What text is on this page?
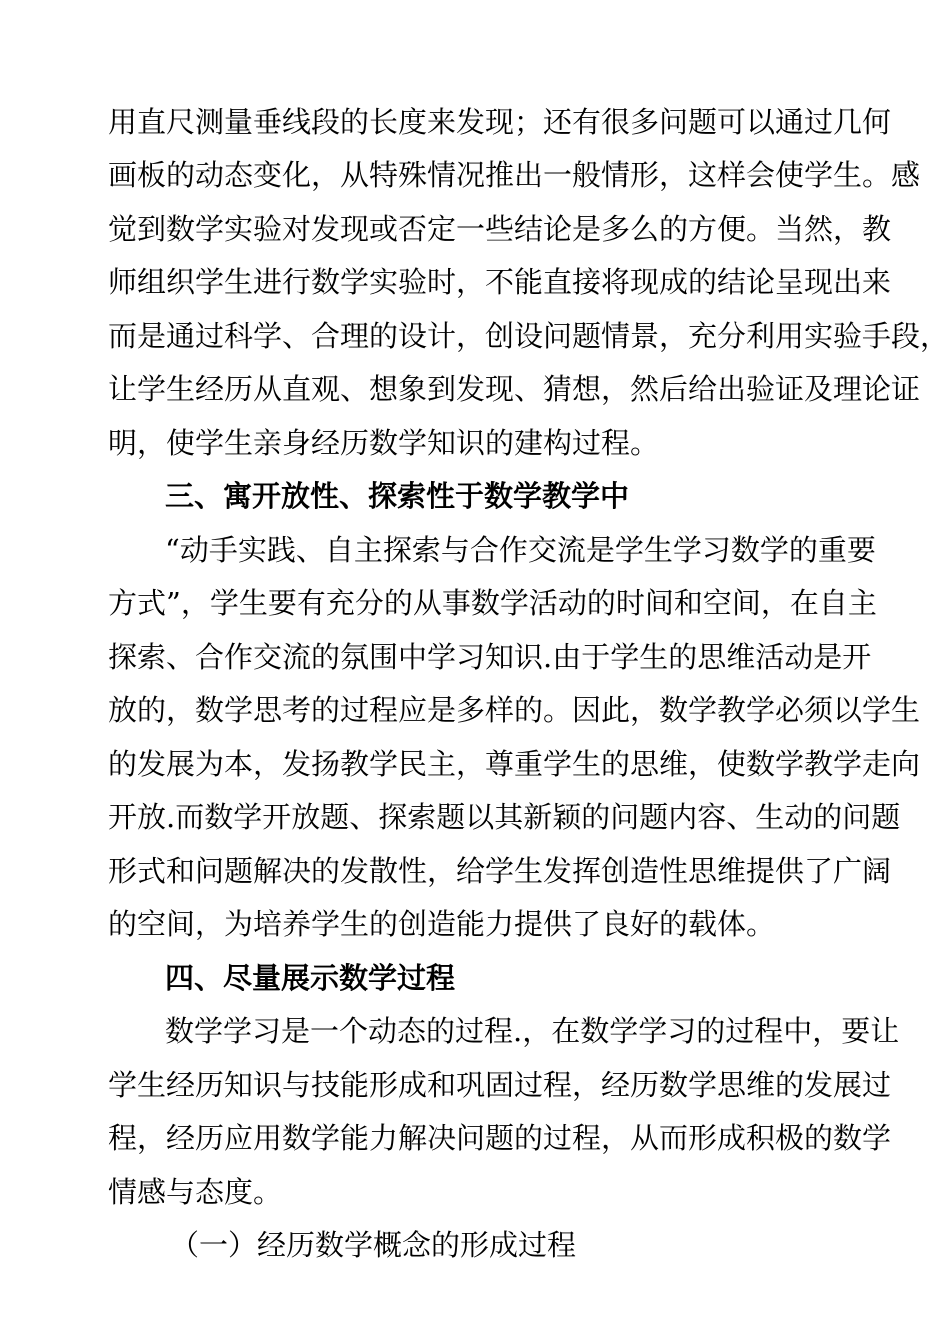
用直尺测量垂线段的长度来发现；还有很多问题可以通过几何
画板的动态变化，从特殊情况推出一般情形，这样会使学生。感
觉到数学实验对发现或否定一些结论是多么的方便。当然，教
师组织学生进行数学实验时，不能直接将现成的结论呈现出来
而是通过科学、合理的设计，创设问题情景，充分利用实验手段，
让学生经历从直观、想象到发现、猜想，然后给出验证及理论证
明，使学生亲身经历数学知识的建构过程。
三、寓开放性、探索性于数学教学中
“动手实践、自主探索与合作交流是学生学习数学的重要
方式”，学生要有充分的从事数学活动的时间和空间，在自主
探索、合作交流的氛围中学习知识.由于学生的思维活动是开
放的，数学思考的过程应是多样的。因此，数学教学必须以学生
的发展为本，发扬教学民主，尊重学生的思维，使数学教学走向
开放.而数学开放题、探索题以其新颖的问题内容、生动的问题
形式和问题解决的发散性，给学生发挥创造性思维提供了广阔
的空间，为培养学生的创造能力提供了良好的载体。
四、尽量展示数学过程
数学学习是一个动态的过程.，在数学学习的过程中，要让
学生经历知识与技能形成和巩固过程，经历数学思维的发展过
程，经历应用数学能力解决问题的过程，从而形成积极的数学
情感与态度。
（一）经历数学概念的形成过程
